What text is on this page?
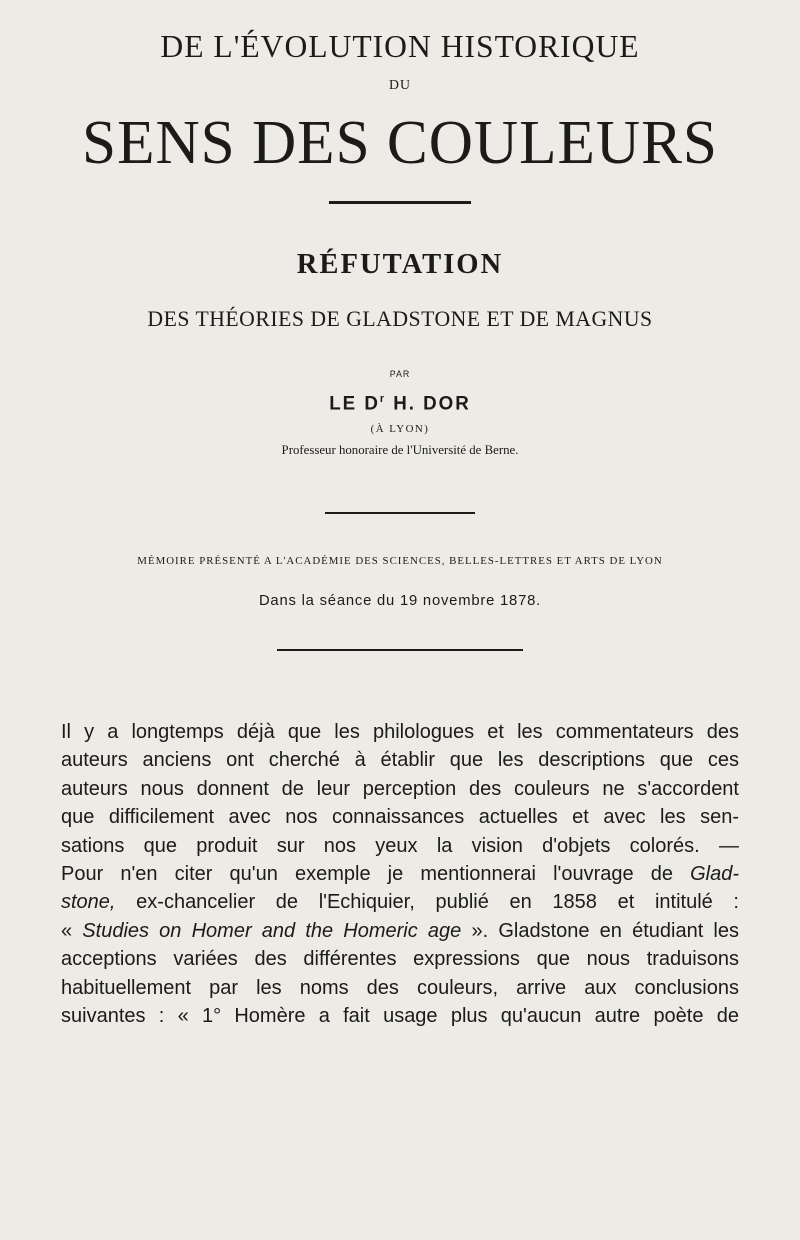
DE L'ÉVOLUTION HISTORIQUE
DU
SENS DES COULEURS
RÉFUTATION
DES THÉORIES DE GLADSTONE ET DE MAGNUS
PAR
LE $D^r$ H. DOR
(À LYON)
Professeur honoraire de l'Université de Berne.
MÉMOIRE PRÉSENTÉ A L'ACADÉMIE DES SCIENCES, BELLES-LETTRES ET ARTS DE LYON
Dans la séance du 19 novembre 1878.
Il y a longtemps déjà que les philologues et les commentateurs des
auteurs anciens ont cherché à établir que les descriptions que ces
auteurs nous donnent de leur perception des couleurs ne s'accordent
que difficilement avec nos connaissances actuelles et avec les sen-
sations que produit sur nos yeux la vision d'objets colorés. —
Pour n'en citer qu'un exemple je mentionnerai l'ouvrage de Glad-
stone, ex-chancelier de l'Echiquier, publié en 1858 et intitulé :
« Studies on Homer and the Homeric age ». Gladstone en étudiant les
acceptions variées des différentes expressions que nous traduisons
habituellement par les noms des couleurs, arrive aux conclusions
suivantes : « 1° Homère a fait usage plus qu'aucun autre poète de
